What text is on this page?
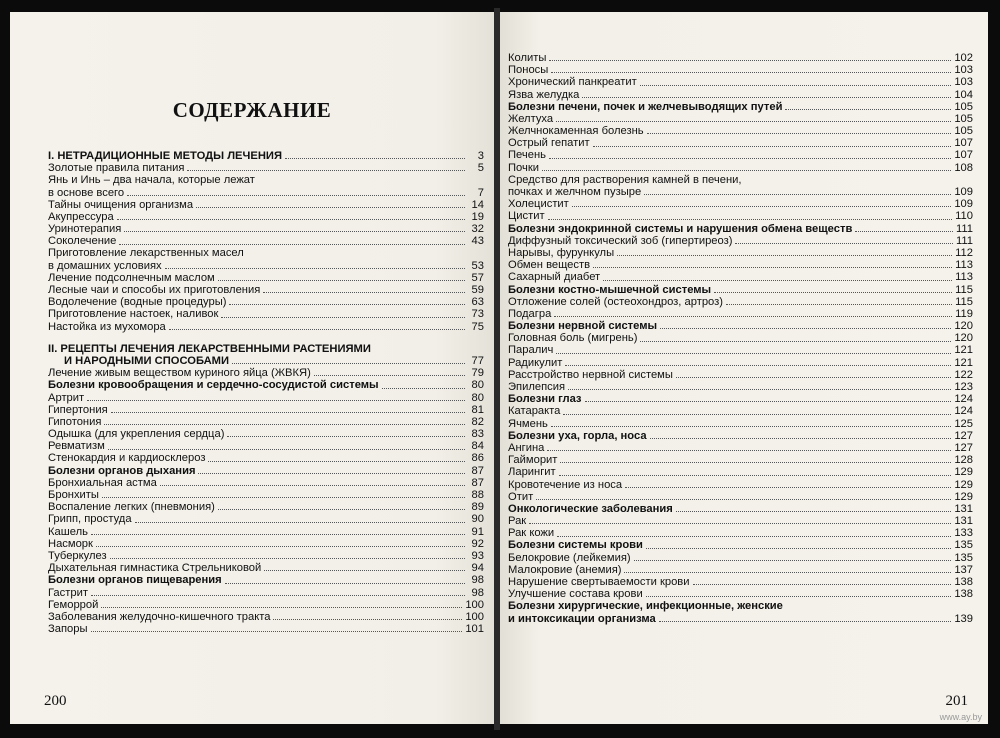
СОДЕРЖАНИЕ
I. НЕТРАДИЦИОННЫЕ МЕТОДЫ ЛЕЧЕНИЯ	3
Золотые правила питания	5
Янь и Инь – два начала, которые лежат
в основе всего	7
Тайны очищения организма	14
Акупрессура	19
Уринотерапия	32
Соколечение	43
Приготовление лекарственных масел
в домашних условиях	53
Лечение подсолнечным маслом	57
Лесные чаи и способы их приготовления	59
Водолечение (водные процедуры)	63
Приготовление настоек, наливок	73
Настойка из мухомора	75
II. РЕЦЕПТЫ ЛЕЧЕНИЯ ЛЕКАРСТВЕННЫМИ РАСТЕНИЯМИ
И НАРОДНЫМИ СПОСОБАМИ	77
Лечение живым веществом куриного яйца (ЖВКЯ)	79
Болезни кровообращения и сердечно-сосудистой системы	80
Артрит	80
Гипертония	81
Гипотония	82
Одышка (для укрепления сердца)	83
Ревматизм	84
Стенокардия и кардиосклероз	86
Болезни органов дыхания	87
Бронхиальная астма	87
Бронхиты	88
Воспаление легких (пневмония)	89
Грипп, простуда	90
Кашель	91
Насморк	92
Туберкулез	93
Дыхательная гимнастика Стрельниковой	94
Болезни органов пищеварения	98
Гастрит	98
Геморрой	100
Заболевания желудочно-кишечного тракта	100
Запоры	101
200
Колиты	102
Поносы	103
Хронический панкреатит	103
Язва желудка	104
Болезни печени, почек и желчевыводящих путей	105
Желтуха	105
Желчнокаменная болезнь	105
Острый гепатит	107
Печень	107
Почки	108
Средство для растворения камней в печени,
почках и желчном пузыре	109
Холецистит	109
Цистит	110
Болезни эндокринной системы и нарушения обмена веществ	111
Диффузный токсический зоб (гипертиреоз)	111
Нарывы, фурункулы	112
Обмен веществ	113
Сахарный диабет	113
Болезни костно-мышечной системы	115
Отложение солей (остеохондроз, артроз)	115
Подагра	119
Болезни нервной системы	120
Головная боль (мигрень)	120
Паралич	121
Радикулит	121
Расстройство нервной системы	122
Эпилепсия	123
Болезни глаз	124
Катаракта	124
Ячмень	125
Болезни уха, горла, носа	127
Ангина	127
Гайморит	128
Ларингит	129
Кровотечение из носа	129
Отит	129
Онкологические заболевания	131
Рак	131
Рак кожи	133
Болезни системы крови	135
Белокровие (лейкемия)	135
Малокровие (анемия)	137
Нарушение свертываемости крови	138
Улучшение состава крови	138
Болезни хирургические, инфекционные, женские
и интоксикации организма	139
201
www.ay.by
